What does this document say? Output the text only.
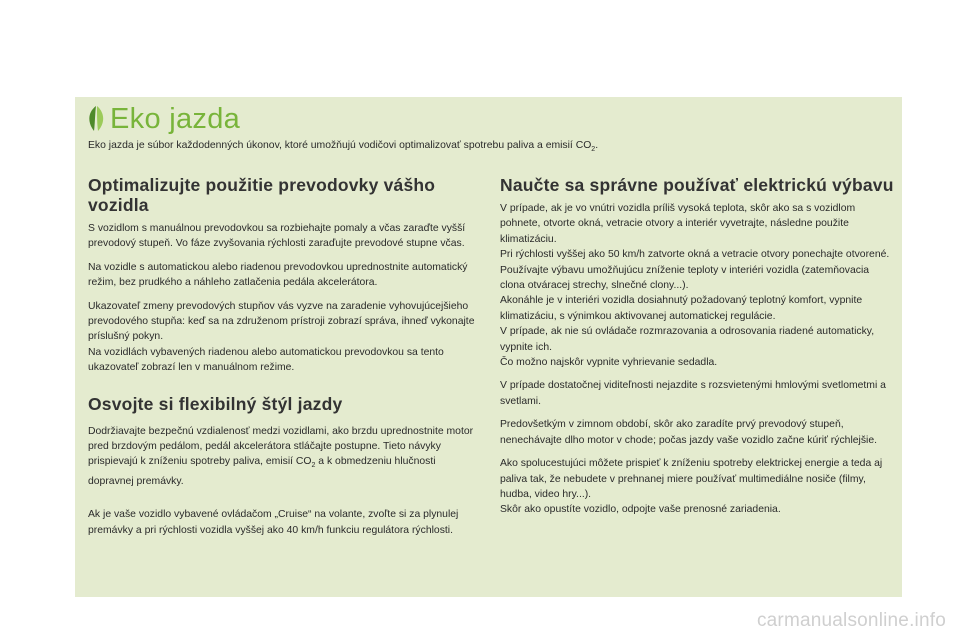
Eko jazda

Eko jazda je súbor každodenných úkonov, ktoré umožňujú vodičovi optimalizovať spotrebu paliva a emisií $CO_2$.

Optimalizujte použitie prevodovky vášho vozidla

S vozidlom s manuálnou prevodovkou sa rozbiehajte pomaly a včas zaraďte vyšší prevodový stupeň. Vo fáze zvyšovania rýchlosti zaraďujte prevodové stupne včas.

Na vozidle s automatickou alebo riadenou prevodovkou uprednostnite automatický režim, bez prudkého a náhleho zatlačenia pedála akcelerátora.

Ukazovateľ zmeny prevodových stupňov vás vyzve na zaradenie vyhovujúcejšieho prevodového stupňa: keď sa na združenom prístroji zobrazí správa, ihneď vykonajte príslušný pokyn.
Na vozidlách vybavených riadenou alebo automatickou prevodovkou sa tento ukazovateľ zobrazí len v manuálnom režime.

Osvojte si flexibilný štýl jazdy

Dodržiavajte bezpečnú vzdialenosť medzi vozidlami, ako brzdu uprednostnite motor pred brzdovým pedálom, pedál akcelerátora stláčajte postupne. Tieto návyky prispievajú k zníženiu spotreby paliva, emisií $CO_2$ a k obmedzeniu hlučnosti dopravnej premávky.

Ak je vaše vozidlo vybavené ovládačom „Cruise“ na volante, zvoľte si za plynulej premávky a pri rýchlosti vozidla vyššej ako 40 km/h funkciu regulátora rýchlosti.

Naučte sa správne používať elektrickú výbavu

V prípade, ak je vo vnútri vozidla príliš vysoká teplota, skôr ako sa s vozidlom pohnete, otvorte okná, vetracie otvory a interiér vyvetrajte, následne použite klimatizáciu.
Pri rýchlosti vyššej ako 50 km/h zatvorte okná a vetracie otvory ponechajte otvorené.
Používajte výbavu umožňujúcu zníženie teploty v interiéri vozidla (zatemňovacia clona otváracej strechy, slnečné clony...).
Akonáhle je v interiéri vozidla dosiahnutý požadovaný teplotný komfort, vypnite klimatizáciu, s výnimkou aktivovanej automatickej regulácie.
V prípade, ak nie sú ovládače rozmrazovania a odrosovania riadené automaticky, vypnite ich.
Čo možno najskôr vypnite vyhrievanie sedadla.

V prípade dostatočnej viditeľnosti nejazdite s rozsvietenými hmlovými svetlometmi a svetlami.

Predovšetkým v zimnom období, skôr ako zaradíte prvý prevodový stupeň, nenechávajte dlho motor v chode; počas jazdy vaše vozidlo začne kúriť rýchlejšie.

Ako spolucestujúci môžete prispieť k zníženiu spotreby elektrickej energie a teda aj paliva tak, že nebudete v prehnanej miere používať multimediálne nosiče (filmy, hudba, video hry...).
Skôr ako opustíte vozidlo, odpojte vaše prenosné zariadenia.

carmanualsonline.info
